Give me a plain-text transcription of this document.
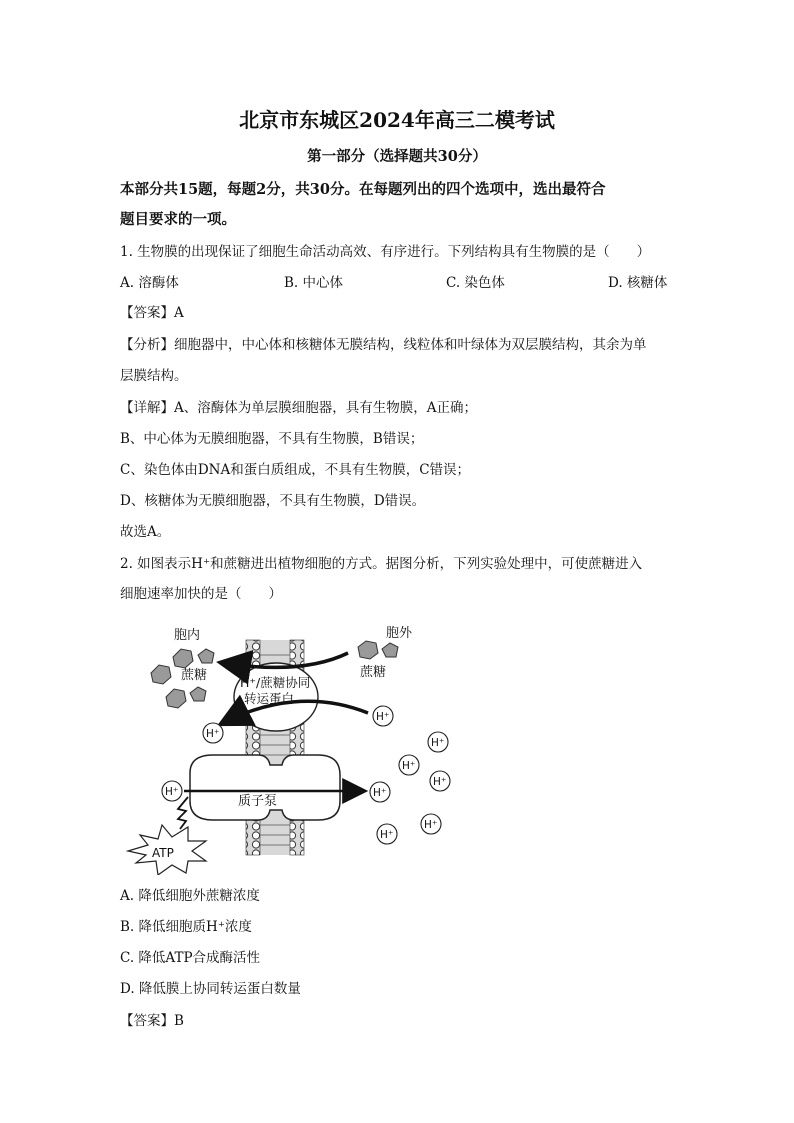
北京市东城区2024年高三二模考试
第一部分（选择题共30分）
本部分共15题，每题2分，共30分。在每题列出的四个选项中，选出最符合
题目要求的一项。
1. 生物膜的出现保证了细胞生命活动高效、有序进行。下列结构具有生物膜的是（　　）
A. 溶酶体	B. 中心体	C. 染色体	D. 核糖体
【答案】A
【分析】细胞器中，中心体和核糖体无膜结构，线粒体和叶绿体为双层膜结构，其余为单
层膜结构。
【详解】A、溶酶体为单层膜细胞器，具有生物膜，A正确；
B、中心体为无膜细胞器，不具有生物膜，B错误；
C、染色体由DNA和蛋白质组成，不具有生物膜，C错误；
D、核糖体为无膜细胞器，不具有生物膜，D错误。
故选A。
2. 如图表示H⁺和蔗糖进出植物细胞的方式。据图分析，下列实验处理中，可使蔗糖进入
细胞速率加快的是（　　）
胞内	胞外
蔗糖	蔗糖
H⁺/蔗糖协同
转运蛋白
质子泵
ATP
H⁺
H⁺
H⁺
H⁺
H⁺
H⁺	H⁺
H⁺
H⁺
A. 降低细胞外蔗糖浓度
B. 降低细胞质H⁺浓度
C. 降低ATP合成酶活性
D. 降低膜上协同转运蛋白数量
【答案】B
